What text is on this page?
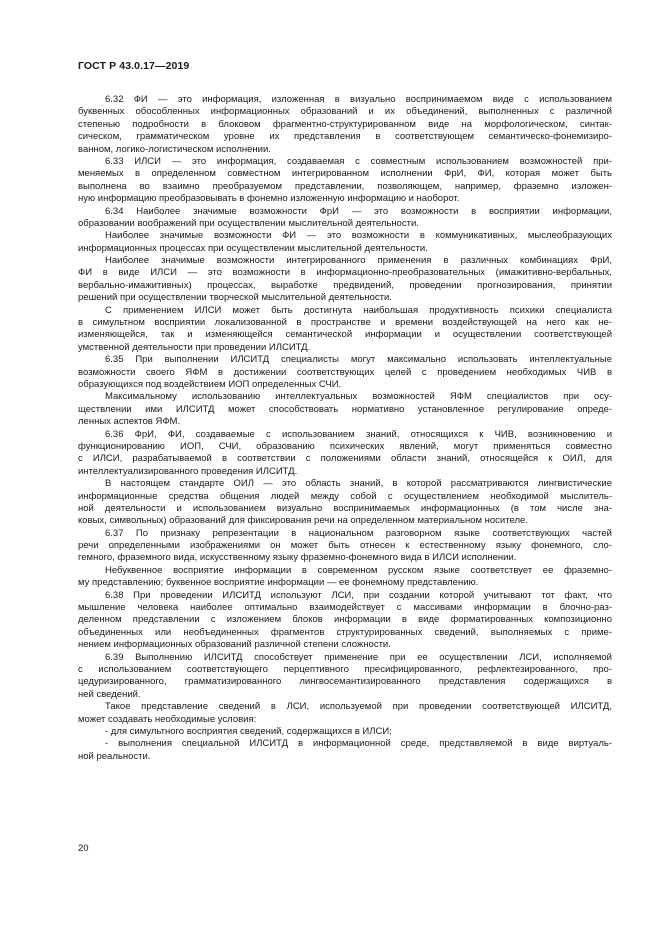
ГОСТ Р 43.0.17—2019
6.32 ФИ — это информация, изложенная в визуально воспринимаемом виде с использованием
буквенных обособленных информационных образований и их объединений, выполненных с различной
степенью подробности в блоковом фрагментно-структурированном виде на морфологическом, синтак-
сическом, грамматическом уровне их представления в соответствующем семантическо-фонемизиро-
ванном, логико-логистическом исполнении.
6.33 ИЛСИ — это информация, создаваемая с совместным использованием возможностей при-
меняемых в определенном совместном интегрированном исполнении ФрИ, ФИ, которая может быть
выполнена во взаимно преобразуемом представлении, позволяющем, например, фраземно изложен-
ную информацию преобразовывать в фонемно изложенную информацию и наоборот.
6.34 Наиболее значимые возможности ФрИ — это возможности в восприятии информации,
образовании воображений при осуществлении мыслительной деятельности.
Наиболее значимые возможности ФИ — это возможности в коммуникативных, мыслеобразующих
информационных процессах при осуществлении мыслительной деятельности.
Наиболее значимые возможности интегрированного применения в различных комбинациях ФрИ,
ФИ в виде ИЛСИ — это возможности в информационно-преобразовательных (имажитивно-вербальных,
вербально-имажитивных) процессах, выработке предвидений, проведении прогнозирования, принятии
решений при осуществлении творческой мыслительной деятельности.
С применением ИЛСИ может быть достигнута наибольшая продуктивность психики специалиста
в симультном восприятии локализованной в пространстве и времени воздействующей на него как не-
изменяющейся, так и изменяющейся семантической информации и осуществлении соответствующей
умственной деятельности при проведении ИЛСИТД.
6.35 При выполнении ИЛСИТД специалисты могут максимально использовать интеллектуальные
возможности своего ЯФМ в достижении соответствующих целей с проведением необходимых ЧИВ в
образующихся под воздействием ИОП определенных СЧИ.
Максимальному использованию интеллектуальных возможностей ЯФМ специалистов при осу-
ществлении ими ИЛСИТД может способствовать нормативно установленное регулирование опреде-
ленных аспектов ЯФМ.
6.36 ФрИ, ФИ, создаваемые с использованием знаний, относящихся к ЧИВ, возникновению и
функционированию ИОП, СЧИ, образованию психических явлений, могут применяться совместно
с ИЛСИ, разрабатываемой в соответствии с положениями области знаний, относящейся к ОИЛ, для
интеллектуализированного проведения ИЛСИТД.
В настоящем стандарте ОИЛ — это область знаний, в которой рассматриваются лингвистические
информационные средства общения людей между собой с осуществлением необходимой мыслитель-
ной деятельности и использованием визуально воспринимаемых информационных (в том числе зна-
ковых, символьных) образований для фиксирования речи на определенном материальном носителе.
6.37 По признаку репрезентации в национальном разговорном языке соответствующих частей
речи определенными изображениями он может быть отнесен к естественному языку фонемного, сло-
гемного, фраземного вида, искусственному языку фраземно-фонемного вида в ИЛСИ исполнении.
Небуквенное восприятие информации в современном русском языке соответствует ее фраземно-
му представлению; буквенное восприятие информации — ее фонемному представлению.
6.38 При проведении ИЛСИТД используют ЛСИ, при создании которой учитывают тот факт, что
мышление человека наиболее оптимально взаимодействует с массивами информации в блочно-раз-
деленном представлении с изложением блоков информации в виде форматированных композиционно
объединенных или необъединенных фрагментов структурированных сведений, выполняемых с приме-
нением информационных образований различной степени сложности.
6.39 Выполнению ИЛСИТД способствует применение при ее осуществлении ЛСИ, исполняемой
с использованием соответствующего перцептивного пресифицированного, рефлектезированного, про-
цедуризированного, грамматизированного лингвосемантизированного представления содержащихся в
ней сведений.
Такое представление сведений в ЛСИ, используемой при проведении соответствующей ИЛСИТД,
может создавать необходимые условия:
- для симультного восприятия сведений, содержащихся в ИЛСИ;
- выполнения специальной ИЛСИТД в информационной среде, представляемой в виде виртуаль-
ной реальности.
20
